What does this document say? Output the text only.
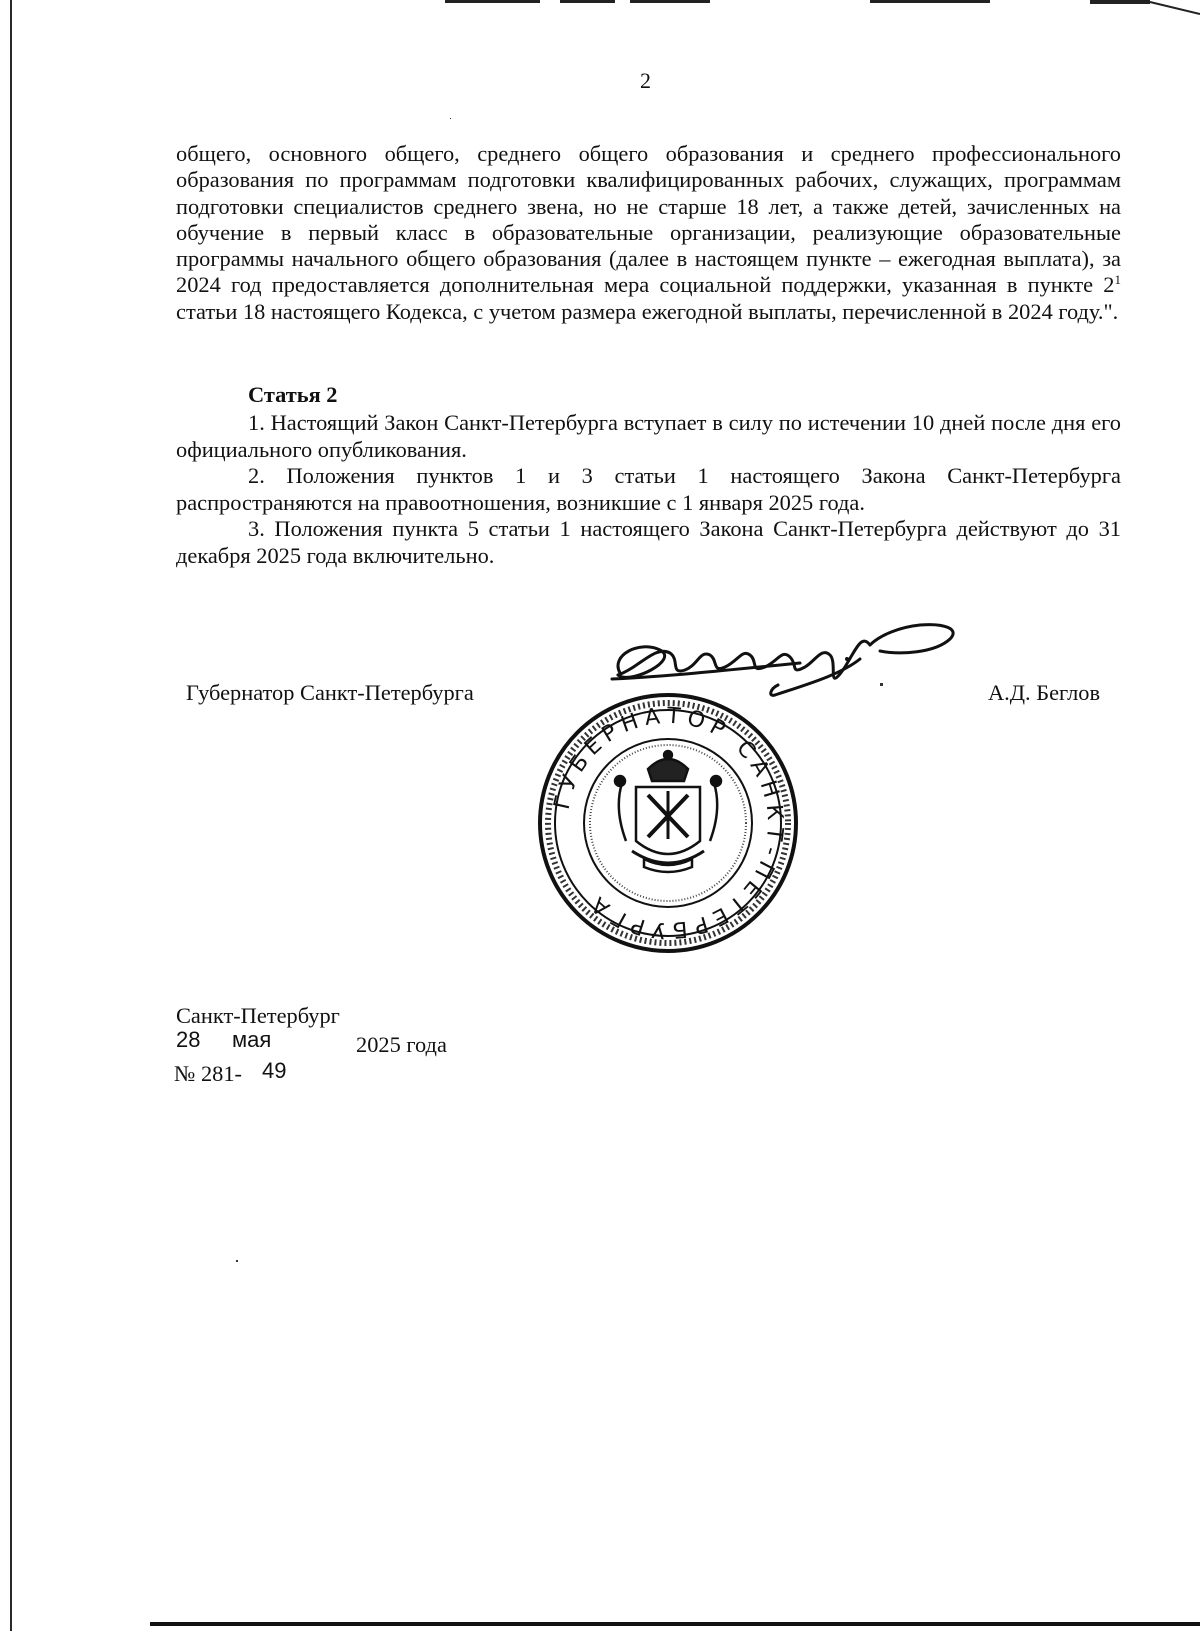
2

общего, основного общего, среднего общего образования и среднего профессионального образования по программам подготовки квалифицированных рабочих, служащих, программам подготовки специалистов среднего звена, но не старше 18 лет, а также детей, зачисленных на обучение в первый класс в образовательные организации, реализующие образовательные программы начального общего образования (далее в настоящем пункте – ежегодная выплата), за 2024 год предоставляется дополнительная мера социальной поддержки, указанная в пункте $2^1$ статьи 18 настоящего Кодекса, с учетом размера ежегодной выплаты, перечисленной в 2024 году.".

Статья 2

1. Настоящий Закон Санкт-Петербурга вступает в силу по истечении 10 дней после дня его официального опубликования.

2. Положения пунктов 1 и 3 статьи 1 настоящего Закона Санкт-Петербурга распространяются на правоотношения, возникшие с 1 января 2025 года.

3. Положения пункта 5 статьи 1 настоящего Закона Санкт-Петербурга действуют до 31 декабря 2025 года включительно.

Губернатор Санкт-Петербурга
ГУБЕРНАТОР САНКТ-ПЕТЕРБУРГА
А.Д. Беглов
Санкт-Петербург
28 мая	2025 года
№ 281- 49
